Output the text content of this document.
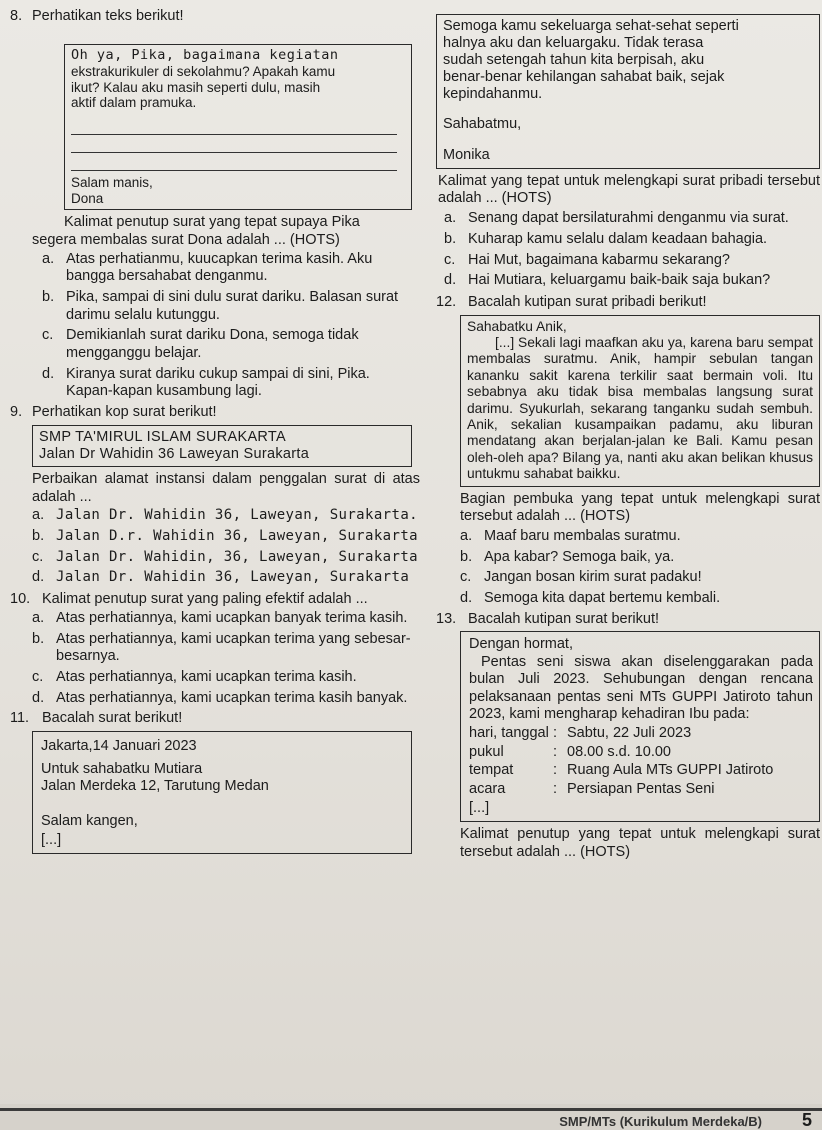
8. Perhatikan teks berikut!
Oh ya, Pika, bagaimana kegiatan
ekstrakurikuler di sekolahmu? Apakah kamu
ikut? Kalau aku masih seperti dulu, masih
aktif dalam pramuka.
Salam manis,
Dona
Kalimat penutup surat yang tepat supaya Pika
segera membalas surat Dona adalah ... (HOTS)
a. Atas perhatianmu, kuucapkan terima kasih. Aku bangga bersahabat denganmu.
b. Pika, sampai di sini dulu surat dariku. Balasan surat darimu selalu kutunggu.
c. Demikianlah surat dariku Dona, semoga tidak mengganggu belajar.
d. Kiranya surat dariku cukup sampai di sini, Pika. Kapan-kapan kusambung lagi.
9. Perhatikan kop surat berikut!
SMP TA'MIRUL ISLAM SURAKARTA
Jalan Dr Wahidin 36 Laweyan Surakarta
Perbaikan alamat instansi dalam penggalan surat di atas adalah ...
a. Jalan Dr. Wahidin 36, Laweyan, Surakarta.
b. Jalan D.r. Wahidin 36, Laweyan, Surakarta
c. Jalan Dr. Wahidin, 36, Laweyan, Surakarta
d. Jalan Dr. Wahidin 36, Laweyan, Surakarta
10. Kalimat penutup surat yang paling efektif adalah ...
a. Atas perhatiannya, kami ucapkan banyak terima kasih.
b. Atas perhatiannya, kami ucapkan terima yang sebesar-besarnya.
c. Atas perhatiannya, kami ucapkan terima kasih.
d. Atas perhatiannya, kami ucapkan terima kasih banyak.
11. Bacalah surat berikut!
Jakarta,14 Januari 2023
Untuk sahabatku Mutiara
Jalan Merdeka 12, Tarutung Medan
Salam kangen,
[...]
Semoga kamu sekeluarga sehat-sehat seperti
halnya aku dan keluargaku. Tidak terasa
sudah setengah tahun kita berpisah, aku
benar-benar kehilangan sahabat baik, sejak
kepindahanmu.
Sahabatmu,
Monika
Kalimat yang tepat untuk melengkapi surat pribadi tersebut adalah ... (HOTS)
a. Senang dapat bersilaturahmi denganmu via surat.
b. Kuharap kamu selalu dalam keadaan bahagia.
c. Hai Mut, bagaimana kabarmu sekarang?
d. Hai Mutiara, keluargamu baik-baik saja bukan?
12. Bacalah kutipan surat pribadi berikut!
Sahabatku Anik,
[...] Sekali lagi maafkan aku ya, karena baru sempat membalas suratmu. Anik, hampir sebulan tangan kananku sakit karena terkilir saat bermain voli. Itu sebabnya aku tidak bisa membalas langsung surat darimu. Syukurlah, sekarang tanganku sudah sembuh. Anik, sekalian kusampaikan padamu, aku liburan mendatang akan berjalan-jalan ke Bali. Kamu pesan oleh-oleh apa? Bilang ya, nanti aku akan belikan khusus untukmu sahabat baikku.
Bagian pembuka yang tepat untuk melengkapi surat tersebut adalah ... (HOTS)
a. Maaf baru membalas suratmu.
b. Apa kabar? Semoga baik, ya.
c. Jangan bosan kirim surat padaku!
d. Semoga kita dapat bertemu kembali.
13. Bacalah kutipan surat berikut!
Dengan hormat,
Pentas seni siswa akan diselenggarakan pada bulan Juli 2023. Sehubungan dengan rencana pelaksanaan pentas seni MTs GUPPI Jatiroto tahun 2023, kami mengharap kehadiran Ibu pada:
hari, tanggal : Sabtu, 22 Juli 2023
pukul	: 08.00 s.d. 10.00
tempat	: Ruang Aula MTs GUPPI Jatiroto
acara	: Persiapan Pentas Seni
[...]
Kalimat penutup yang tepat untuk melengkapi surat tersebut adalah ... (HOTS)
SMP/MTs (Kurikulum Merdeka/B) 5
